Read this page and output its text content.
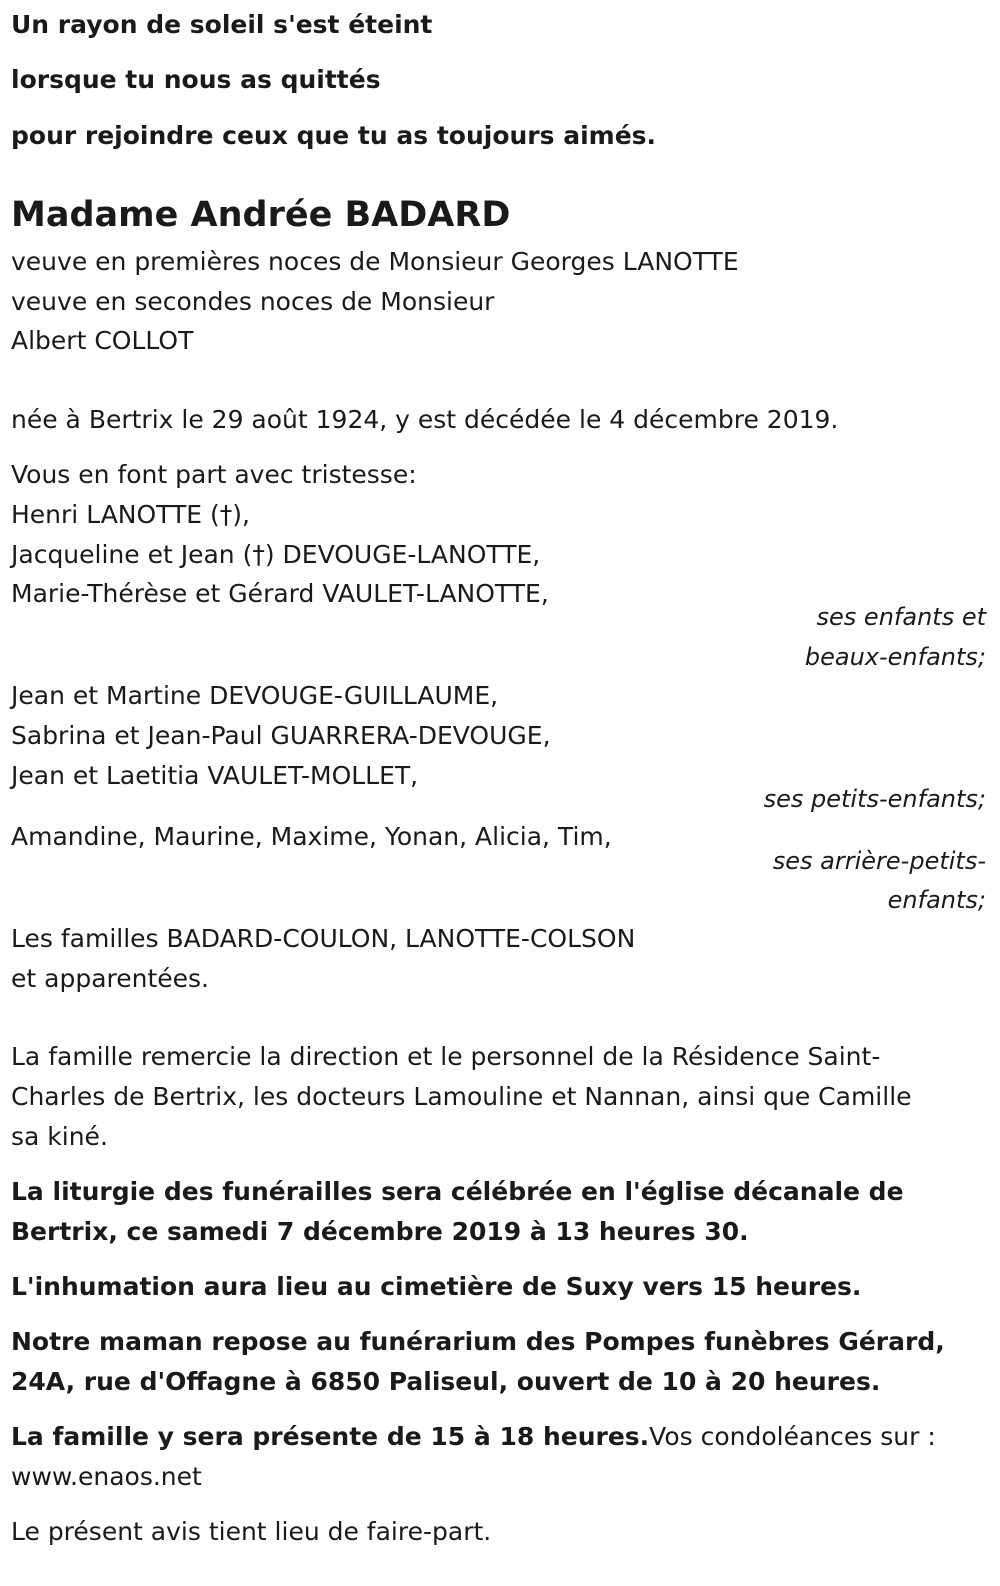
Un rayon de soleil s'est éteint
lorsque tu nous as quittés
pour rejoindre ceux que tu as toujours aimés.
Madame Andrée BADARD
veuve en premières noces de Monsieur Georges LANOTTE
veuve en secondes noces de Monsieur
Albert COLLOT
née à Bertrix le 29 août 1924, y est décédée le 4 décembre 2019.
Vous en font part avec tristesse:
Henri LANOTTE (†),
Jacqueline et Jean (†) DEVOUGE-LANOTTE,
Marie-Thérèse et Gérard VAULET-LANOTTE,
ses enfants et
beaux-enfants;
Jean et Martine DEVOUGE-GUILLAUME,
Sabrina et Jean-Paul GUARRERA-DEVOUGE,
Jean et Laetitia VAULET-MOLLET,
ses petits-enfants;
Amandine, Maurine, Maxime, Yonan, Alicia, Tim,
ses arrière-petits-
enfants;
Les familles BADARD-COULON, LANOTTE-COLSON
et apparentées.
La famille remercie la direction et le personnel de la Résidence Saint-
Charles de Bertrix, les docteurs Lamouline et Nannan, ainsi que Camille
sa kiné.
La liturgie des funérailles sera célébrée en l'église décanale de
Bertrix, ce samedi 7 décembre 2019 à 13 heures 30.
L'inhumation aura lieu au cimetière de Suxy vers 15 heures.
Notre maman repose au funérarium des Pompes funèbres Gérard,
24A, rue d'Offagne à 6850 Paliseul, ouvert de 10 à 20 heures.
La famille y sera présente de 15 à 18 heures.Vos condoléances sur :
www.enaos.net
Le présent avis tient lieu de faire-part.
